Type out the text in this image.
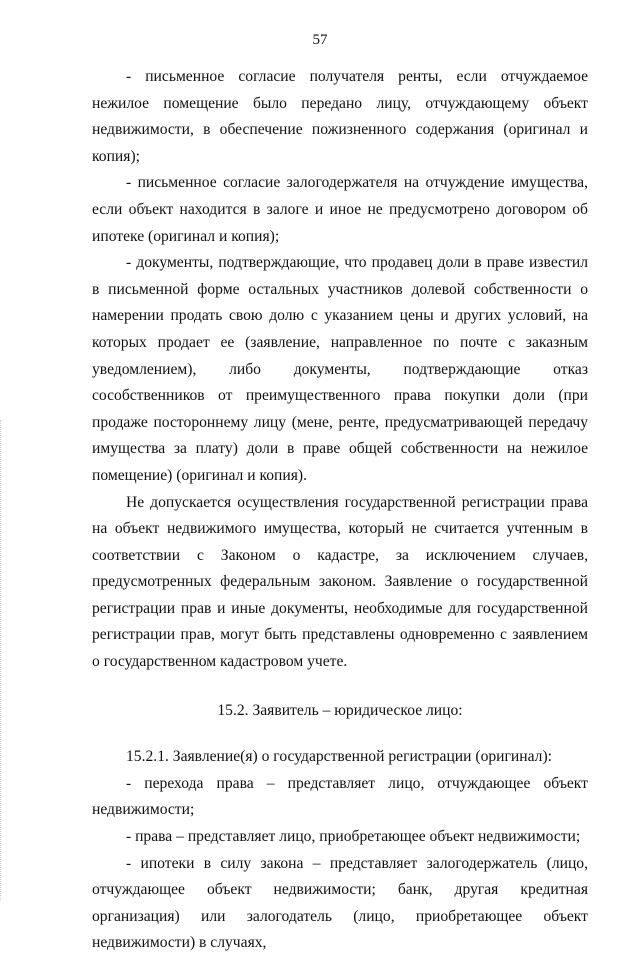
57

- письменное согласие получателя ренты, если отчуждаемое нежилое помещение было передано лицу, отчуждающему объект недвижимости, в обеспечение пожизненного содержания (оригинал и копия);

- письменное согласие залогодержателя на отчуждение имущества, если объект находится в залоге и иное не предусмотрено договором об ипотеке (оригинал и копия);

- документы, подтверждающие, что продавец доли в праве известил в письменной форме остальных участников долевой собственности о намерении продать свою долю с указанием цены и других условий, на которых продает ее (заявление, направленное по почте с заказным уведомлением), либо документы, подтверждающие отказ сособственников от преимущественного права покупки доли (при продаже постороннему лицу (мене, ренте, предусматривающей передачу имущества за плату) доли в праве общей собственности на нежилое помещение) (оригинал и копия).

Не допускается осуществления государственной регистрации права на объект недвижимого имущества, который не считается учтенным в соответствии с Законом о кадастре, за исключением случаев, предусмотренных федеральным законом. Заявление о государственной регистрации прав и иные документы, необходимые для государственной регистрации прав, могут быть представлены одновременно с заявлением о государственном кадастровом учете.

15.2. Заявитель – юридическое лицо:

15.2.1. Заявление(я) о государственной регистрации (оригинал):

- перехода права – представляет лицо, отчуждающее объект недвижимости;

- права – представляет лицо, приобретающее объект недвижимости;

- ипотеки в силу закона – представляет залогодержатель (лицо, отчуждающее объект недвижимости; банк, другая кредитная организация) или залогодатель (лицо, приобретающее объект недвижимости) в случаях,
